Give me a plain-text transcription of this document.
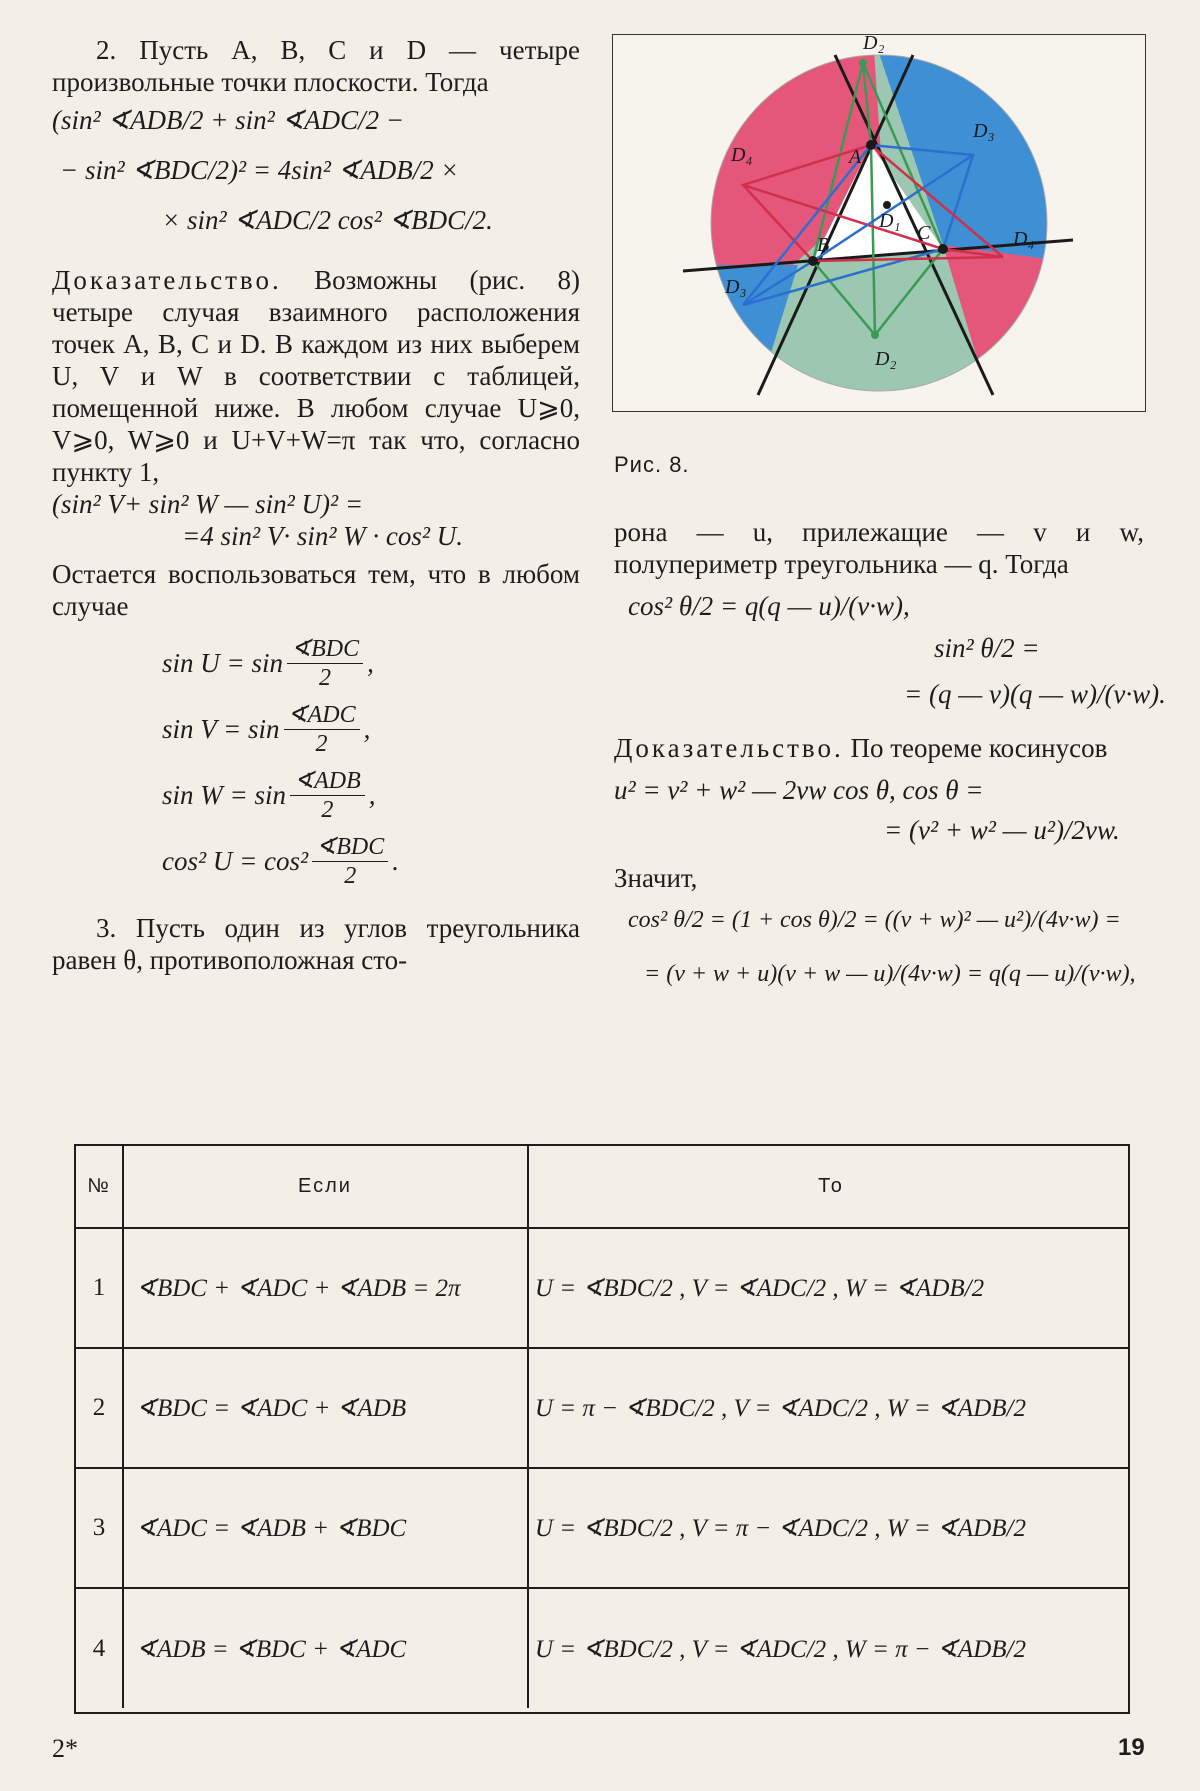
2. Пусть A, B, C и D — четыре произвольные точки плоскости. Тогда

(sin² ∢ADB/2 + sin² ∢ADC/2 −
− sin² ∢BDC/2)² = 4sin² ∢ADB/2 ×
× sin² ∢ADC/2 cos² ∢BDC/2.

Доказательство. Возможны (рис. 8) четыре случая взаимного расположения точек A, B, C и D. В каждом из них выберем U, V и W в соответствии с таблицей, помещенной ниже. В любом случае U⩾0, V⩾0, W⩾0 и U+V+W=π так что, согласно пункту 1,

(sin² V+ sin² W — sin² U)² =
=4 sin² V· sin² W · cos² U.

Остается воспользоваться тем, что в любом случае

$\sin U = \sin \frac{\text{∢BDC}}{2}$ ,
$\sin V = \sin \frac{\text{∢ADC}}{2}$ ,
$\sin W = \sin \frac{\text{∢ADB}}{2}$ ,
cos² $U = \cos^2 \frac{\text{∢BDC}}{2}$ .

3. Пусть один из углов треугольника равен θ, противоположная сто-

D₂
D₃
D₄
D₄
D₃
D₂
A
B
C
D₁
Рис. 8.

рона — u, прилежащие — v и w, полупериметр треугольника — q. Тогда

cos² θ/2 = q(q — u)/(v·w),
sin² θ/2 =
= (q — v)(q — w)/(v·w).

Доказательство. По теореме косинусов

u² = v² + w² — 2vw cos θ, cos θ =
= (v² + w² — u²)/2vw.

Значит,

cos² θ/2 = (1 + cos θ)/2 = ((v + w)² — u²)/(4v·w) =
= (v + w + u)(v + w — u)/(4v·w) = q(q — u)/(v·w),
№	Если	То
1	∢BDC + ∢ADC + ∢ADB = 2π	U = ∢BDC/2 , V = ∢ADC/2 , W = ∢ADB/2
2	∢BDC = ∢ADC + ∢ADB	U = π − ∢BDC/2 , V = ∢ADC/2 , W = ∢ADB/2
3	∢ADC = ∢ADB + ∢BDC	U = ∢BDC/2 , V = π − ∢ADC/2 , W = ∢ADB/2
4	∢ADB = ∢BDC + ∢ADC	U = ∢BDC/2 , V = ∢ADC/2 , W = π − ∢ADB/2
2*	19
